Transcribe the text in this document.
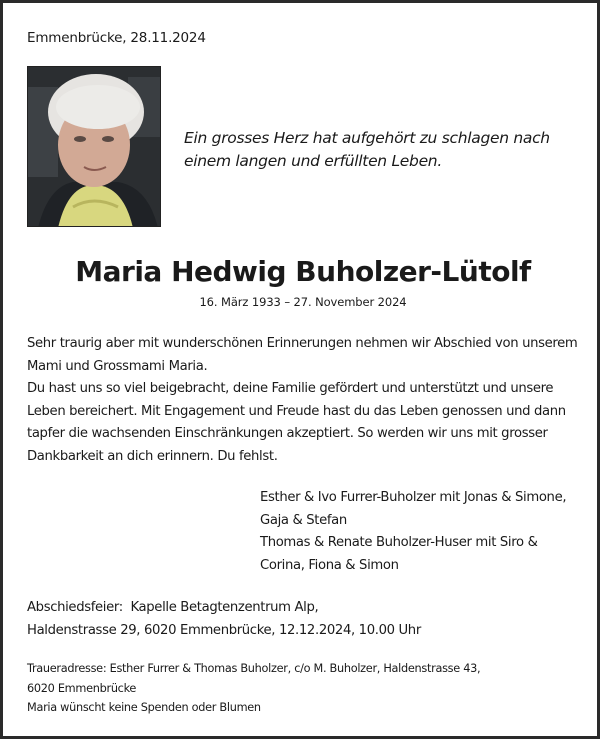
Emmenbrücke, 28.11.2024

Ein grosses Herz hat aufgehört zu schlagen nach

einem langen und erfüllten Leben.

Maria Hedwig Buholzer-Lütolf
16. März 1933 – 27. November 2024

Sehr traurig aber mit wunderschönen Erinnerungen nehmen wir Abschied von unserem

Mami und Grossmami Maria.

Du hast uns so viel beigebracht, deine Familie gefördert und unterstützt und unsere

Leben bereichert. Mit Engagement und Freude hast du das Leben genossen und dann

tapfer die wachsenden Einschränkungen akzeptiert. So werden wir uns mit grosser

Dankbarkeit an dich erinnern. Du fehlst.

Esther & Ivo Furrer-Buholzer mit Jonas & Simone,

Gaja & Stefan

Thomas & Renate Buholzer-Huser mit Siro &

Corina, Fiona & Simon

Abschiedsfeier:  Kapelle Betagtenzentrum Alp,

Haldenstrasse 29, 6020 Emmenbrücke, 12.12.2024, 10.00 Uhr

Traueradresse: Esther Furrer & Thomas Buholzer, c/o M. Buholzer, Haldenstrasse 43,

6020 Emmenbrücke

Maria wünscht keine Spenden oder Blumen
